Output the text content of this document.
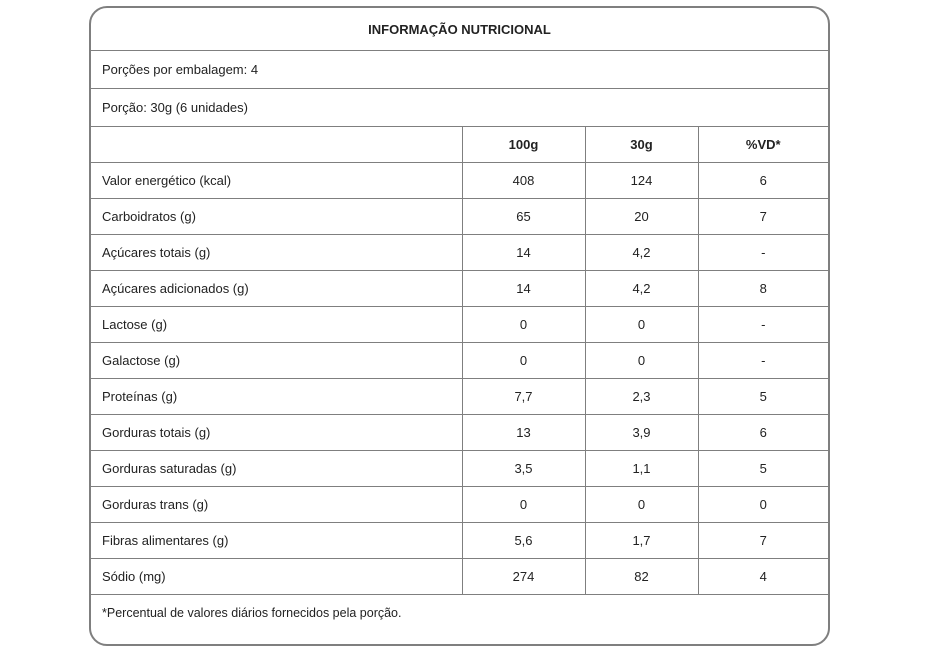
INFORMAÇÃO NUTRICIONAL			
Porções por embalagem: 4			
Porção: 30g (6 unidades)			
	100g	30g	%VD*
Valor energético (kcal)	408	124	6
Carboidratos (g)	65	20	7
Açúcares totais (g)	14	4,2	-
Açúcares adicionados (g)	14	4,2	8
Lactose (g)	0	0	-
Galactose (g)	0	0	-
Proteínas (g)	7,7	2,3	5
Gorduras totais (g)	13	3,9	6
Gorduras saturadas (g)	3,5	1,1	5
Gorduras trans (g)	0	0	0
Fibras alimentares (g)	5,6	1,7	7
Sódio (mg)	274	82	4
*Percentual de valores diários fornecidos pela porção.			
